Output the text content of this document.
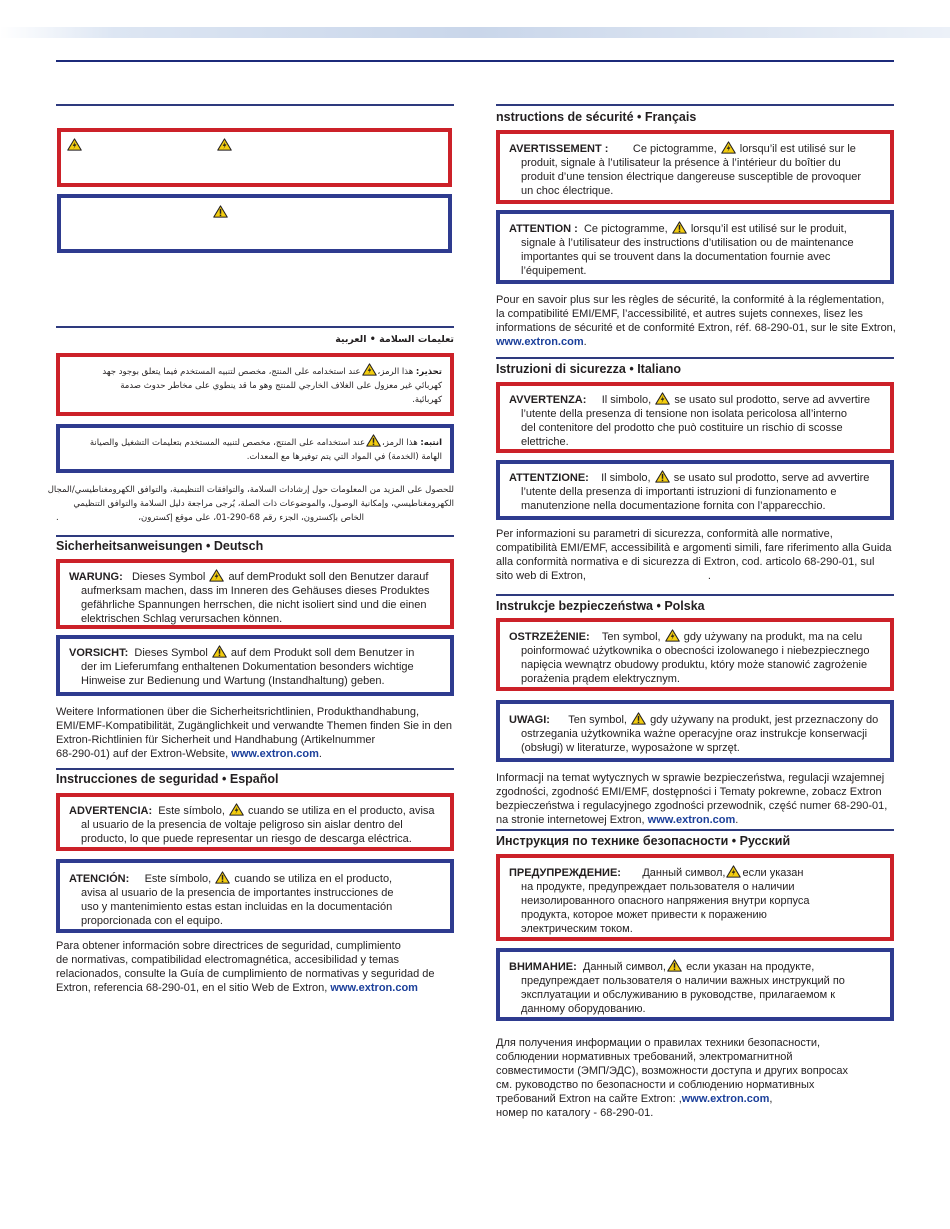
تعليمات السلامة • العربية
تحذير: هذا الرمز،عند استخدامه على المنتج، مخصص لتنبيه المستخدم فيما يتعلق بوجود جهد
كهربائي غير معزول على الغلاف الخارجي للمنتج وهو ما قد ينطوي على مخاطر حدوث صدمة
كهربائية.
انتبه: هذا الرمز،عند استخدامه على المنتج، مخصص لتنبيه المستخدم بتعليمات التشغيل والصيانة
الهامة (الخدمة) في المواد التي يتم توفيرها مع المعدات.
للحصول على المزيد من المعلومات حول إرشادات السلامة، والتوافقات التنظيمية، والتوافق الكهرومغناطيسي/المجال
الكهرومغناطيسي، وإمكانية الوصول، والموضوعات ذات الصلة، يُرجى مراجعة دليل السلامة والتوافق التنظيمي
.	الخاص بإكسترون، الجزء رقم 68-290-01، على موقع إكسترون،
Sicherheitsanweisungen • Deutsch
WARUNG: Dieses Symbol auf demProdukt soll den Benutzer darauf
aufmerksam machen, dass im Inneren des Gehäuses dieses Produktes
gefährliche Spannungen herrschen, die nicht isoliert sind und die einen
elektrischen Schlag verursachen können.
VORSICHT: Dieses Symbol auf dem Produkt soll dem Benutzer in
der im Lieferumfang enthaltenen Dokumentation besonders wichtige
Hinweise zur Bedienung und Wartung (Instandhaltung) geben.
Weitere Informationen über die Sicherheitsrichtlinien, Produkthandhabung,
EMI/EMF-Kompatibilität, Zugänglichkeit und verwandte Themen finden Sie in den
Extron-Richtlinien für Sicherheit und Handhabung (Artikelnummer
68-290-01) auf der Extron-Website, www.extron.com.
Instrucciones de seguridad • Español
ADVERTENCIA: Este símbolo, cuando se utiliza en el producto, avisa
al usuario de la presencia de voltaje peligroso sin aislar dentro del
producto, lo que puede representar un riesgo de descarga eléctrica.
ATENCIÓN: Este símbolo, cuando se utiliza en el producto,
avisa al usuario de la presencia de importantes instrucciones de
uso y mantenimiento estas estan incluidas en la documentación
proporcionada con el equipo.
Para obtener información sobre directrices de seguridad, cumplimiento
de normativas, compatibilidad electromagnética, accesibilidad y temas
relacionados, consulte la Guía de cumplimiento de normativas y seguridad de
Extron, referencia 68-290-01, en el sitio Web de Extron, www.extron.com
nstructions de sécurité • Français
AVERTISSEMENT : Ce pictogramme, lorsqu’il est utilisé sur le
produit, signale à l’utilisateur la présence à l’intérieur du boîtier du
produit d’une tension électrique dangereuse susceptible de provoquer
un choc électrique.
ATTENTION : Ce pictogramme, lorsqu’il est utilisé sur le produit,
signale à l’utilisateur des instructions d’utilisation ou de maintenance
importantes qui se trouvent dans la documentation fournie avec
l’équipement.
Pour en savoir plus sur les règles de sécurité, la conformité à la réglementation,
la compatibilité EMI/EMF, l’accessibilité, et autres sujets connexes, lisez les
informations de sécurité et de conformité Extron, réf. 68-290-01, sur le site Extron,
www.extron.com.
Istruzioni di sicurezza • Italiano
AVVERTENZA: Il simbolo, se usato sul prodotto, serve ad avvertire
l’utente della presenza di tensione non isolata pericolosa all’interno
del contenitore del prodotto che può costituire un rischio di scosse
elettriche.
ATTENTZIONE: Il simbolo, se usato sul prodotto, serve ad avvertire
l’utente della presenza di importanti istruzioni di funzionamento e
manutenzione nella documentazione fornita con l’apparecchio.
Per informazioni su parametri di sicurezza, conformità alle normative,
compatibilità EMI/EMF, accessibilità e argomenti simili, fare riferimento alla Guida
alla conformità normativa e di sicurezza di Extron, cod. articolo 68-290-01, sul
sito web di Extron,	.
Instrukcje bezpieczeństwa • Polska
OSTRZEŻENIE: Ten symbol, gdy używany na produkt, ma na celu
poinformować użytkownika o obecności izolowanego i niebezpiecznego
napięcia wewnątrz obudowy produktu, który może stanowić zagrożenie
porażenia prądem elektrycznym.
UWAGI: Ten symbol, gdy używany na produkt, jest przeznaczony do
ostrzegania użytkownika ważne operacyjne oraz instrukcje konserwacji
(obsługi) w literaturze, wyposażone w sprzęt.
Informacji na temat wytycznych w sprawie bezpieczeństwa, regulacji wzajemnej
zgodności, zgodność EMI/EMF, dostępności i Tematy pokrewne, zobacz Extron
bezpieczeństwa i regulacyjnego zgodności przewodnik, część numer 68-290-01,
na stronie internetowej Extron, www.extron.com.
Инструкция по технике безопасности • Русский
ПРЕДУПРЕЖДЕНИЕ: Данный символ, если указан
на продукте, предупреждает пользователя о наличии
неизолированного опасного напряжения внутри корпуса
продукта, которое может привести к поражению
электрическим током.
ВНИМАНИЕ: Данный символ, если указан на продукте,
предупреждает пользователя о наличии важных инструкций по
эксплуатации и обслуживанию в руководстве, прилагаемом к
данному оборудованию.
Для получения информации о правилах техники безопасности,
соблюдении нормативных требований, электромагнитной
совместимости (ЭМП/ЭДС), возможности доступа и других вопросах
см. руководство по безопасности и соблюдению нормативных
требований Extron на сайте Extron: ,www.extron.com,
номер по каталогу - 68-290-01.
